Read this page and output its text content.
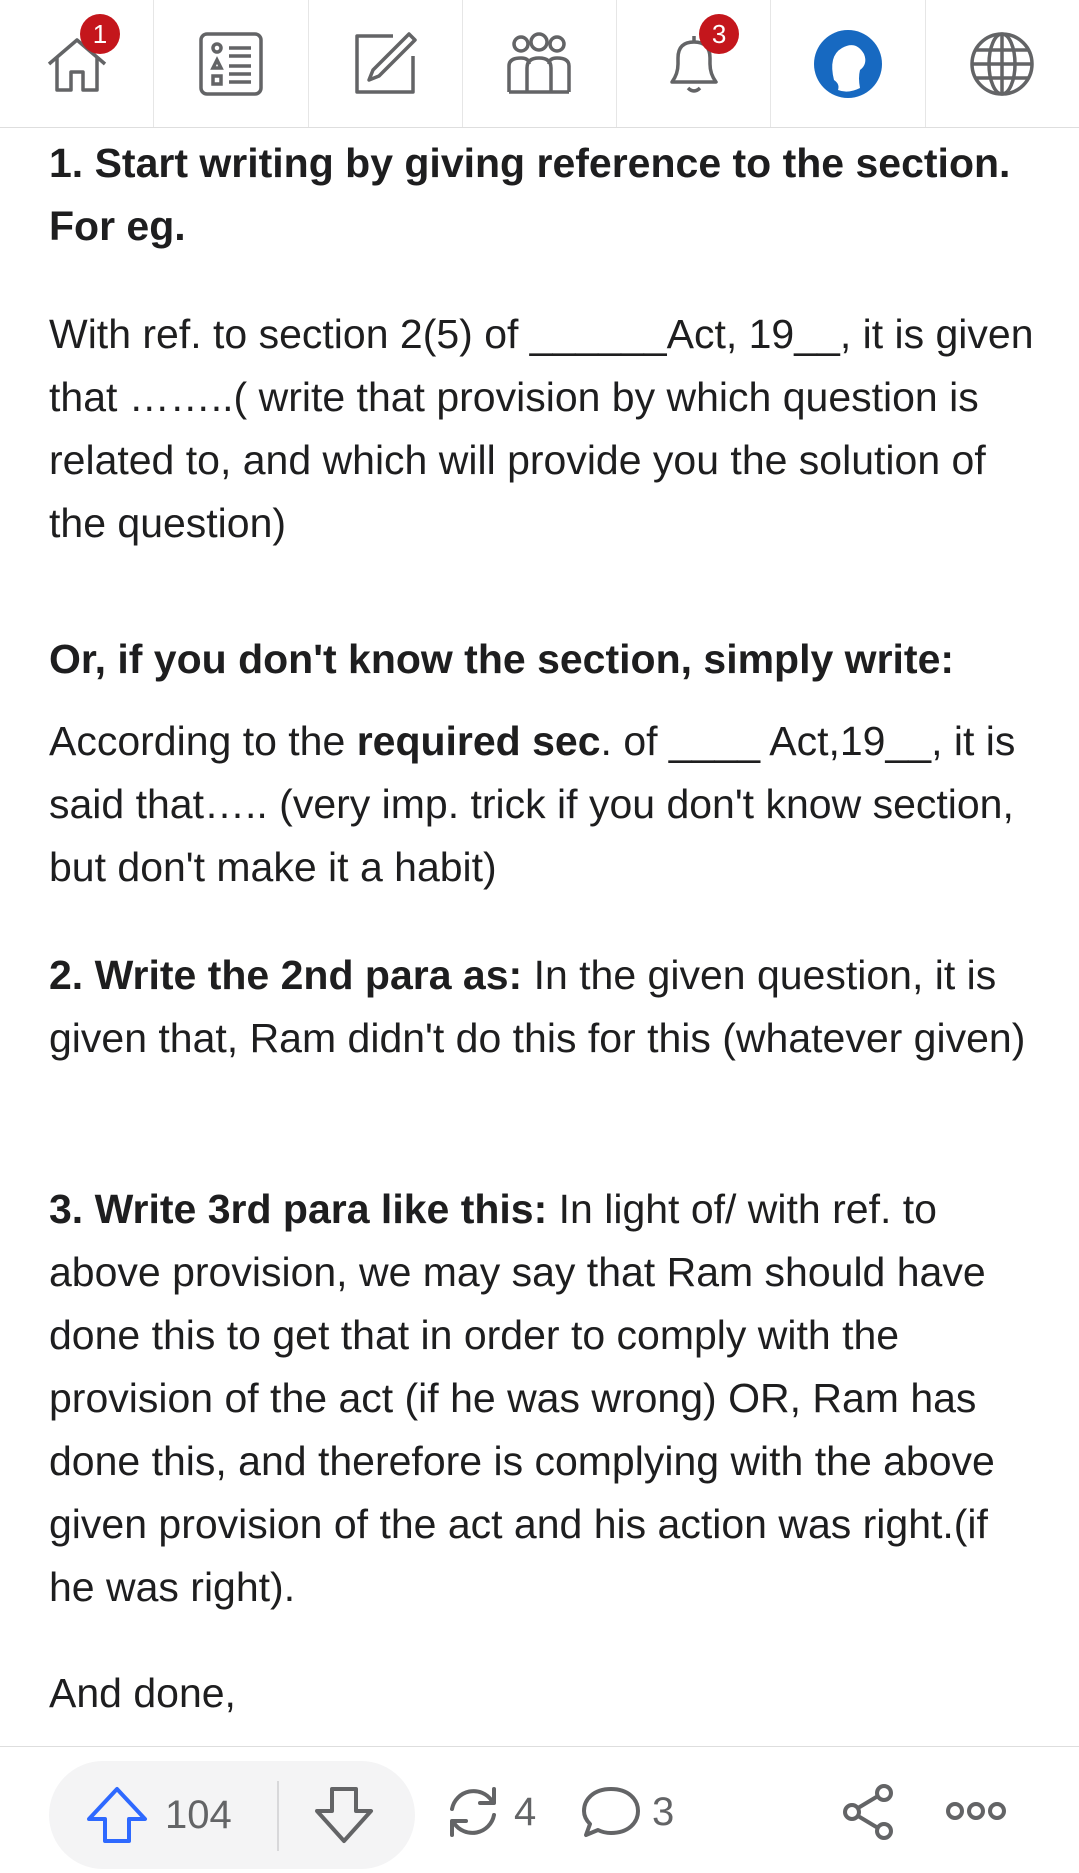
1	3

1. Start writing by giving reference to the section. For eg.

With ref. to section 2(5) of ______Act, 19__, it is given that ……..( write that provision by which question is related to, and which will provide you the solution of the question)

Or, if you don't know the section, simply write:

According to the required sec. of ____ Act,19__, it is said that….. (very imp. trick if you don't know section, but don't make it a habit)

2. Write the 2nd para as: In the given question, it is given that, Ram didn't do this for this (whatever given)

3. Write 3rd para like this: In light of/ with ref. to above provision, we may say that Ram should have done this to get that in order to comply with the provision of the act (if he was wrong) OR, Ram has done this, and therefore is complying with the above given provision of the act and his action was right.(if he was right).

And done,

104	4	3
